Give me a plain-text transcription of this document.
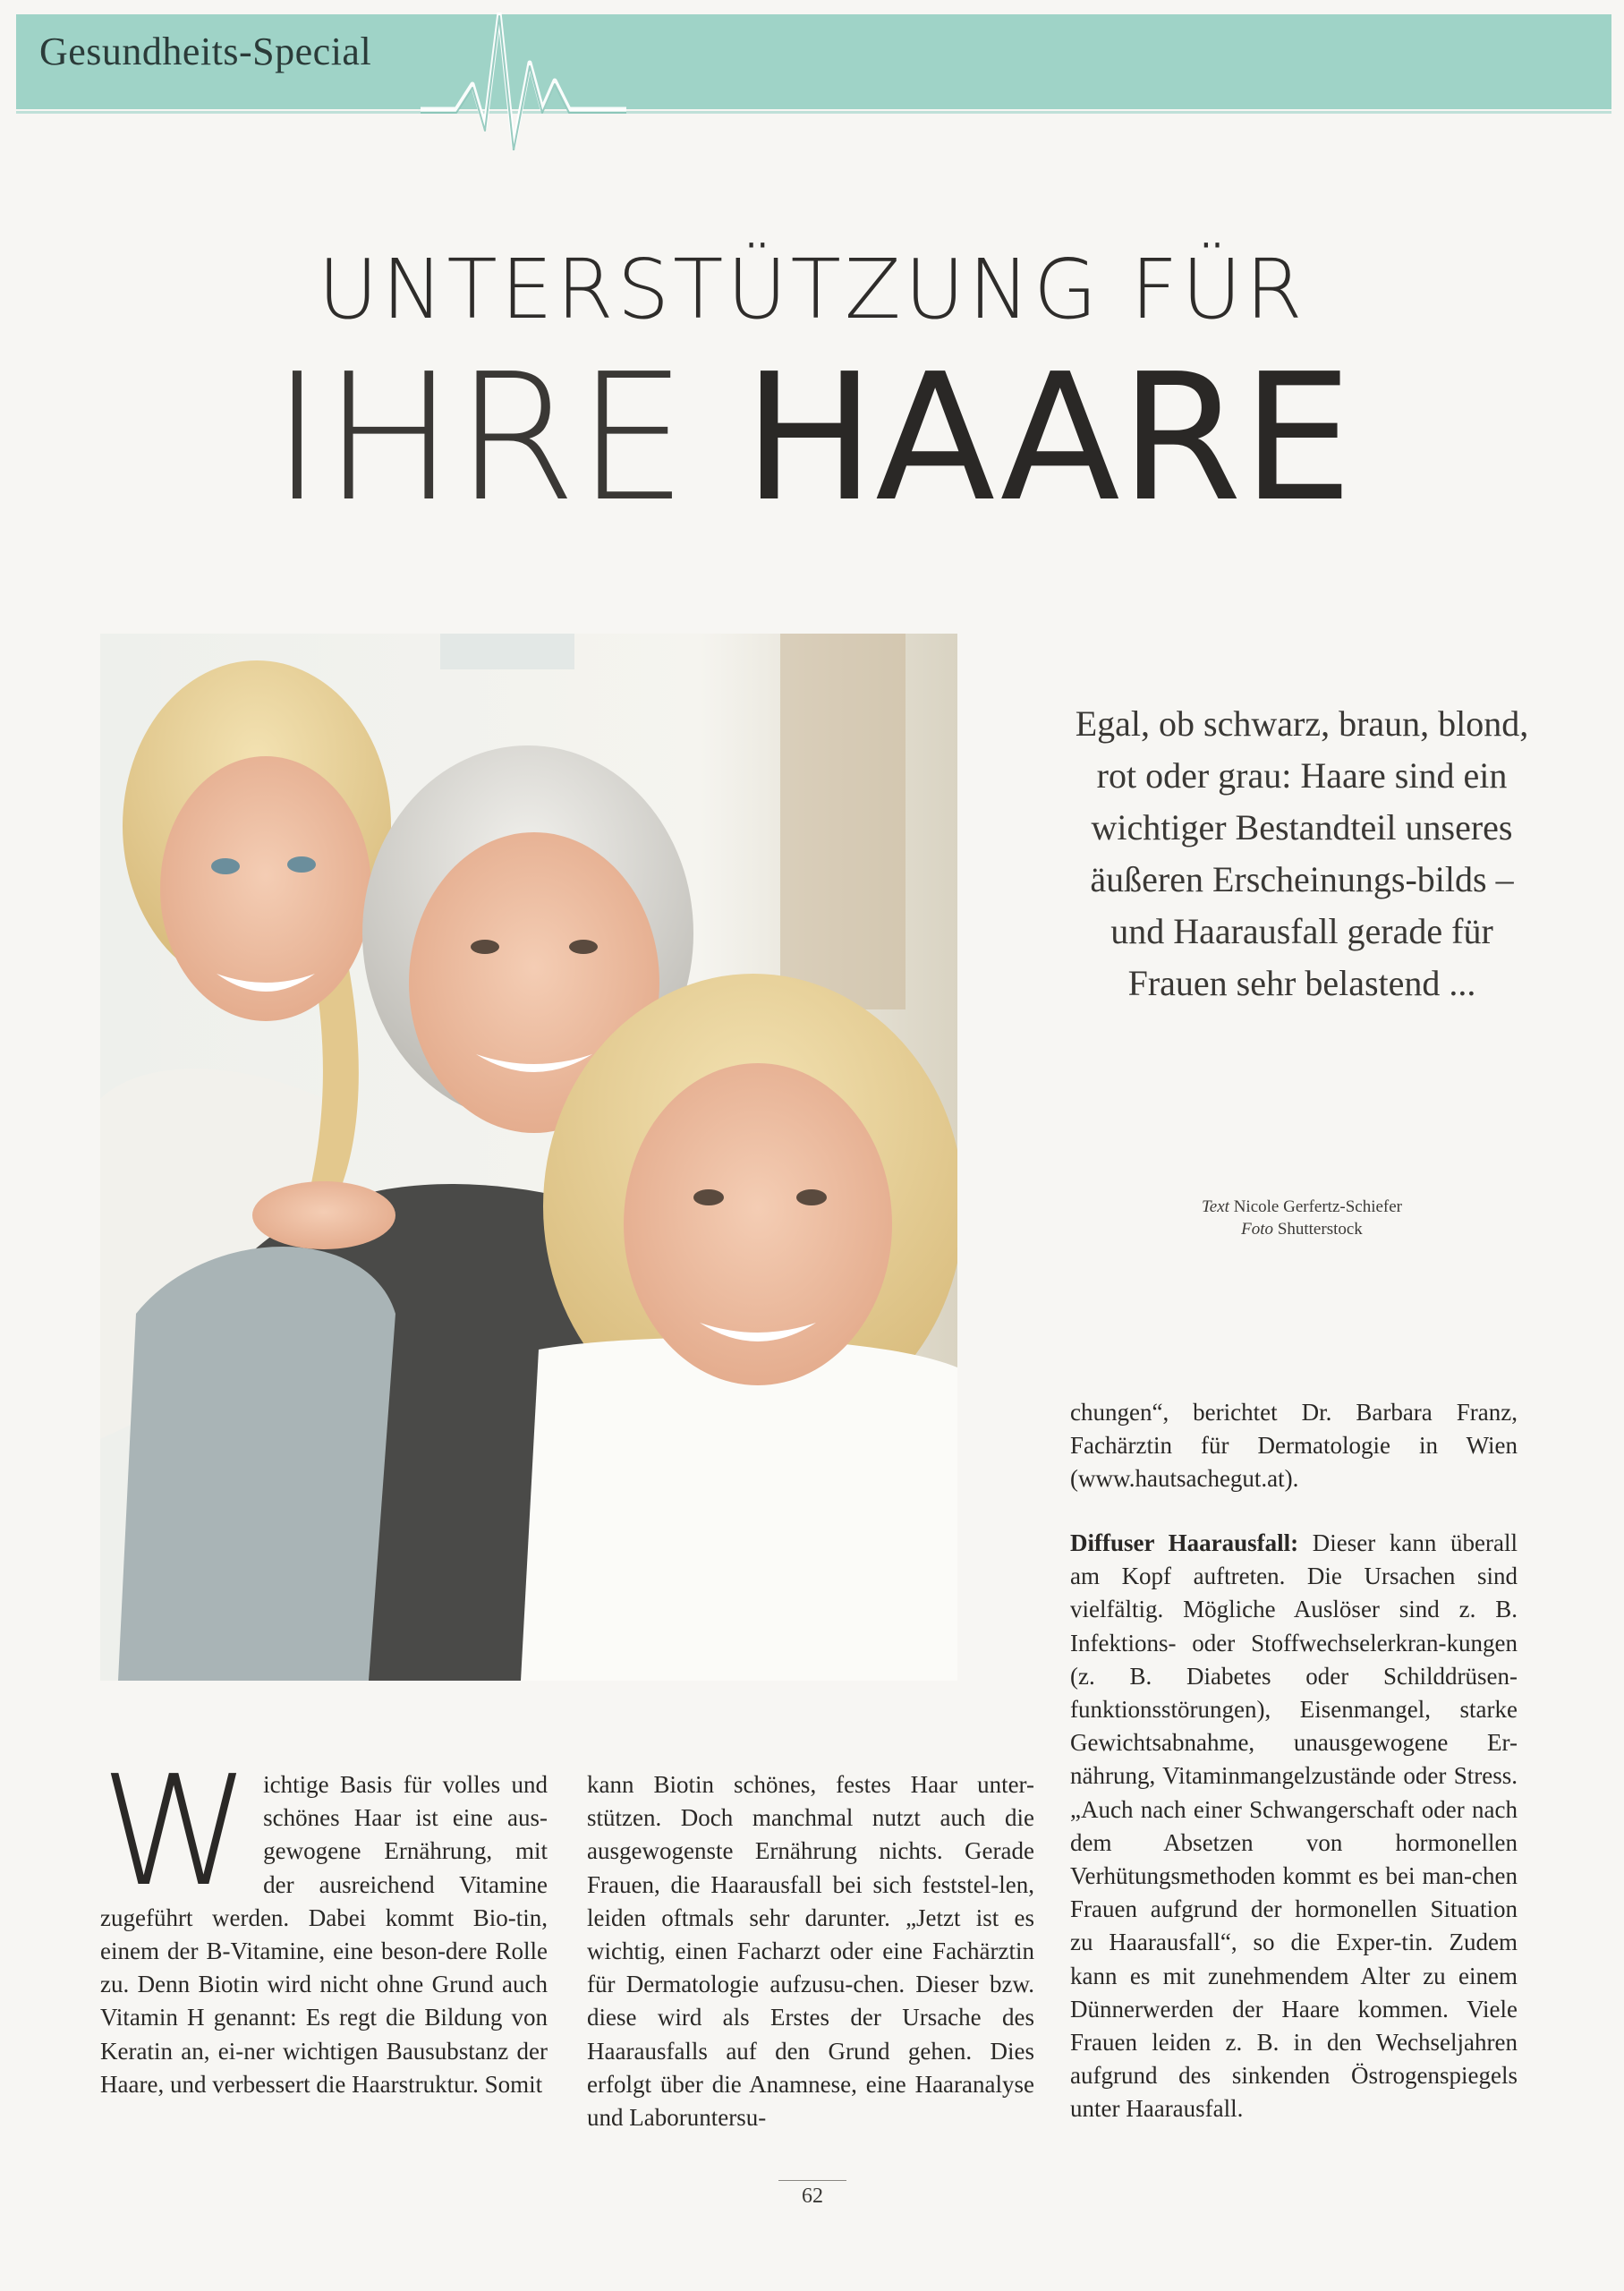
Gesundheits-Special
UNTERSTÜTZUNG FÜR
IHRE HAARE
Egal, ob schwarz, braun, blond, rot oder grau: Haare sind ein wichtiger Bestandteil unseres äußeren Erscheinungs-bilds – und Haarausfall gerade für Frauen sehr belastend ...
Text Nicole Gerfertz-Schiefer
Foto Shutterstock

Wichtige Basis für volles und schönes Haar ist eine aus-gewogene Ernährung, mit der ausreichend Vitamine zugeführt werden. Dabei kommt Bio-tin, einem der B-Vitamine, eine beson-dere Rolle zu. Denn Biotin wird nicht ohne Grund auch Vitamin H genannt: Es regt die Bildung von Keratin an, ei-ner wichtigen Bausubstanz der Haare, und verbessert die Haarstruktur. Somit

kann Biotin schönes, festes Haar unter-stützen. Doch manchmal nutzt auch die ausgewogenste Ernährung nichts. Gerade Frauen, die Haarausfall bei sich feststel-len, leiden oftmals sehr darunter. „Jetzt ist es wichtig, einen Facharzt oder eine Fachärztin für Dermatologie aufzusu-chen. Dieser bzw. diese wird als Erstes der Ursache des Haarausfalls auf den Grund gehen. Dies erfolgt über die Anamnese, eine Haaranalyse und Laboruntersu-

chungen“, berichtet Dr. Barbara Franz, Fachärztin für Dermatologie in Wien (www.hautsachegut.at).

Diffuser Haarausfall: Dieser kann überall am Kopf auftreten. Die Ursachen sind vielfältig. Mögliche Auslöser sind z. B. Infektions- oder Stoffwechselerkran-kungen (z. B. Diabetes oder Schilddrüsen-funktionsstörungen), Eisenmangel, starke Gewichtsabnahme, unausgewogene Er-nährung, Vitaminmangelzustände oder Stress. „Auch nach einer Schwangerschaft oder nach dem Absetzen von hormonellen Verhütungsmethoden kommt es bei man-chen Frauen aufgrund der hormonellen Situation zu Haarausfall“, so die Exper-tin. Zudem kann es mit zunehmendem Alter zu einem Dünnerwerden der Haare kommen. Viele Frauen leiden z. B. in den Wechseljahren aufgrund des sinkenden Östrogenspiegels unter Haarausfall.

62
